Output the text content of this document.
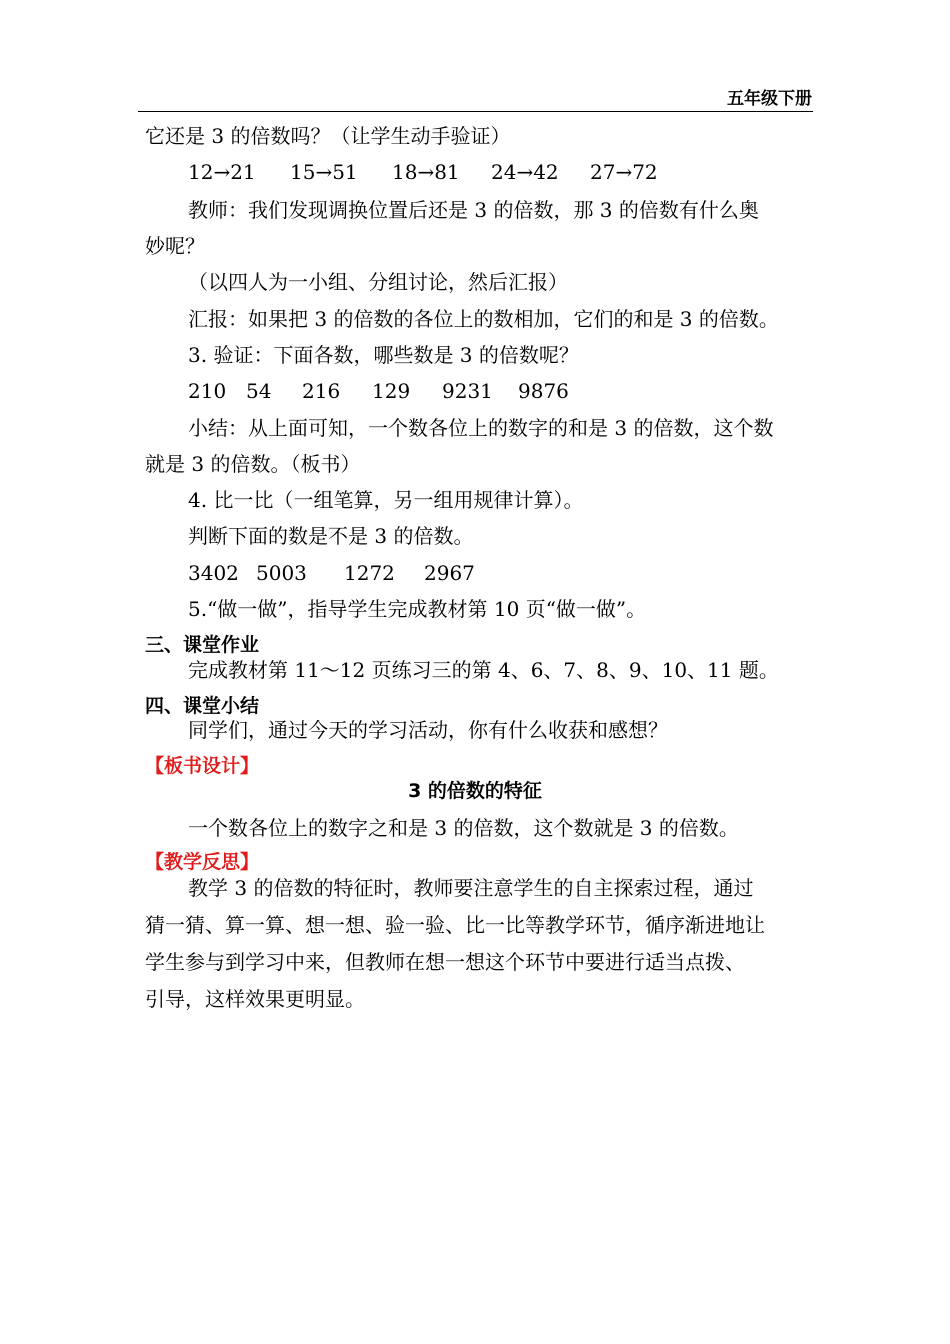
五年级下册
它还是 3 的倍数吗？（让学生动手验证）
12→21 15→51 18→81 24→42 27→72
教师：我们发现调换位置后还是 3 的倍数，那 3 的倍数有什么奥
妙呢？
（以四人为一小组、分组讨论，然后汇报）
汇报：如果把 3 的倍数的各位上的数相加，它们的和是 3 的倍数。
3. 验证：下面各数，哪些数是 3 的倍数呢？
210 54 216 129 9231 9876
小结：从上面可知，一个数各位上的数字的和是 3 的倍数，这个数
就是 3 的倍数。（板书）
4. 比一比（一组笔算，另一组用规律计算）。
判断下面的数是不是 3 的倍数。
3402 5003 1272 2967
5.“做一做”，指导学生完成教材第 10 页“做一做”。
三、课堂作业
完成教材第 11～12 页练习三的第 4、6、7、8、9、10、11 题。
四、课堂小结
同学们，通过今天的学习活动，你有什么收获和感想？
【板书设计】
3 的倍数的特征
一个数各位上的数字之和是 3 的倍数，这个数就是 3 的倍数。
【教学反思】
教学 3 的倍数的特征时，教师要注意学生的自主探索过程，通过
猜一猜、算一算、想一想、验一验、比一比等教学环节，循序渐进地让
学生参与到学习中来，但教师在想一想这个环节中要进行适当点拨、
引导，这样效果更明显。
